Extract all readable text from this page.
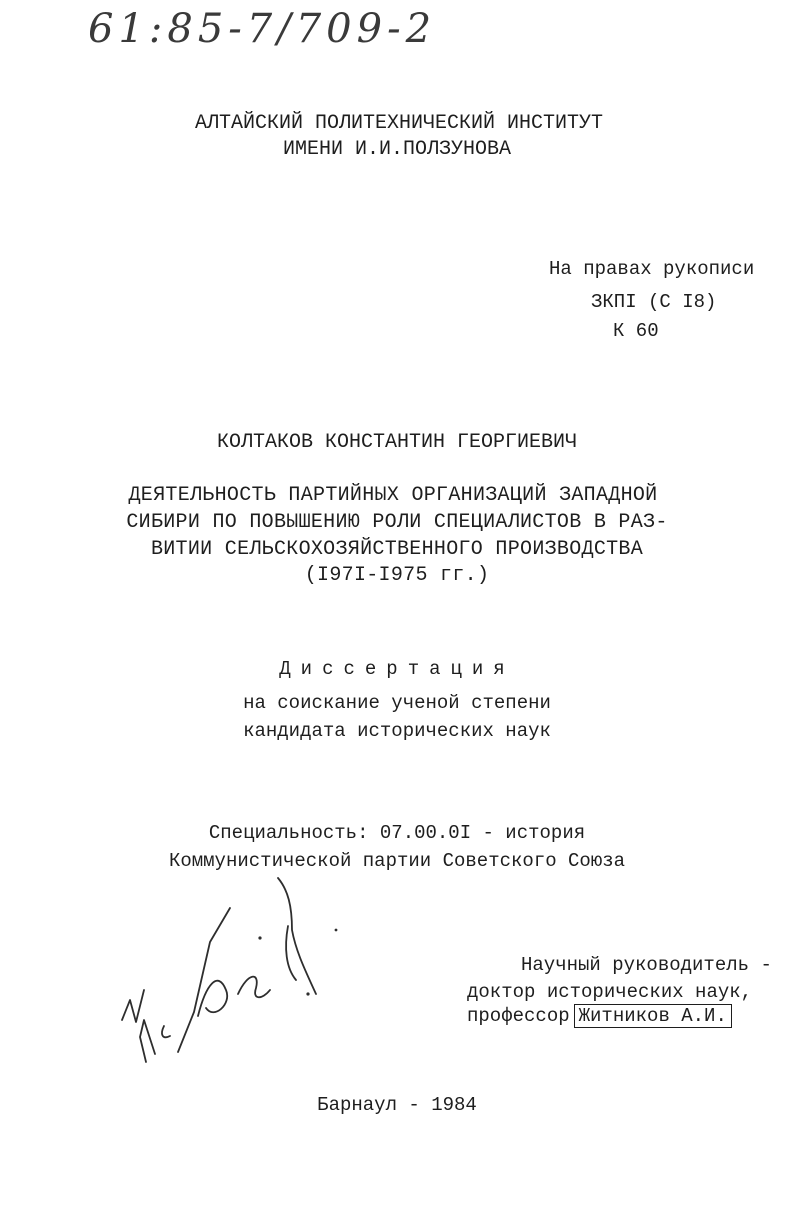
61:85-7/709-2
АЛТАЙСКИЙ ПОЛИТЕХНИЧЕСКИЙ ИНСТИТУТ
ИМЕНИ И.И.ПОЛЗУНОВА
На правах рукописи
ЗКПI (С I8)
К 60
КОЛТАКОВ КОНСТАНТИН ГЕОРГИЕВИЧ
ДЕЯТЕЛЬНОСТЬ ПАРТИЙНЫХ ОРГАНИЗАЦИЙ ЗАПАДНОЙ
СИБИРИ ПО ПОВЫШЕНИЮ РОЛИ СПЕЦИАЛИСТОВ В РАЗ-
ВИТИИ СЕЛЬСКОХОЗЯЙСТВЕННОГО ПРОИЗВОДСТВА
(I97I-I975 гг.)
Диссертация
на соискание ученой степени
кандидата исторических наук
Специальность: 07.00.0I - история
Коммунистической партии Советского Союза
Научный руководитель -
доктор исторических наук,
профессор Житников А.И.
Барнаул - 1984
